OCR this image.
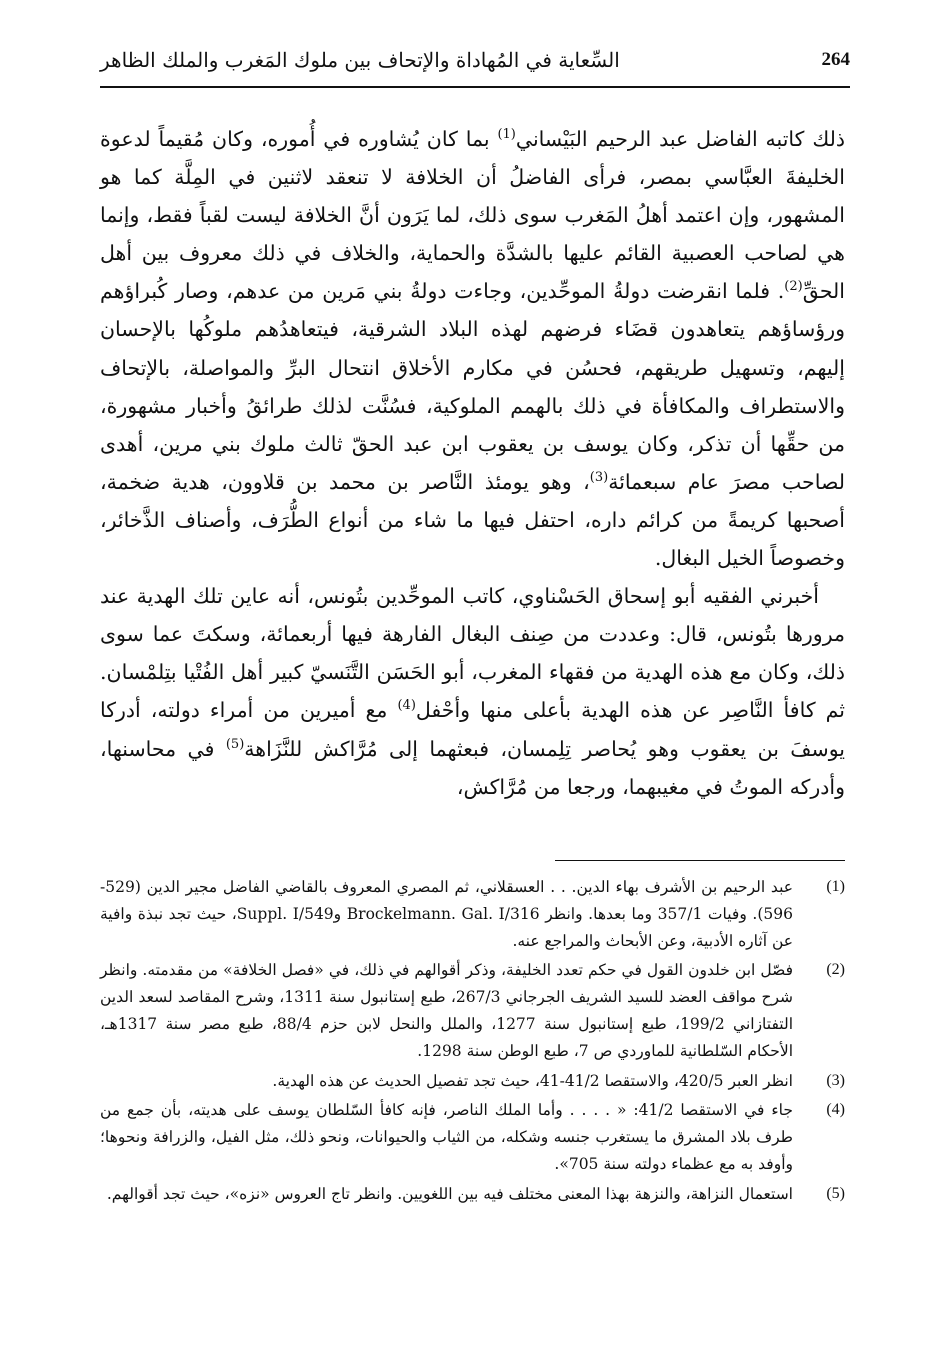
264
السِّعاية في المُهاداة والإتحاف بين ملوك المَغرب والملك الظاهر

ذلك كاتبه الفاضل عبد الرحيم البَيْساني$^{(1)}$ بما كان يُشاوره في أُموره، وكان مُقيماً لدعوة الخليفةَ العبَّاسي بمصر، فرأى الفاضلُ أن الخلافة لا تنعقد لاثنين في المِلَّة كما هو المشهور، وإن اعتمد أهلُ المَغرب سوى ذلك، لما يَرَون أنَّ الخلافة ليست لقباً فقط، وإنما هي لصاحب العصبية القائم عليها بالشدَّة والحماية، والخلاف في ذلك معروف بين أهل الحقِّ$^{(2)}$. فلما انقرضت دولةُ الموحِّدين، وجاءت دولةُ بني مَرين من عدهم، وصار كُبراؤهم ورؤساؤهم يتعاهدون قضَاء فرضهم لهذه البلاد الشرقية، فيتعاهدُهم ملوكُها بالإحسان إليهم، وتسهيل طريقهم، فحسُن في مكارم الأخلاق انتحال البرِّ والمواصلة، بالإتحاف والاستطراف والمكافأة في ذلك بالهمم الملوكية، فسُنَّت لذلك طرائقُ وأخبار مشهورة، من حقِّها أن تذكر، وكان يوسف بن يعقوب ابن عبد الحقّ ثالث ملوك بني مرين، أهدى لصاحب مصرَ عام سبعمائة$^{(3)}$، وهو يومئذ النَّاصر بن محمد بن قلاوون، هدية ضخمة، أصحبها كريمةً من كرائم داره، احتفل فيها ما شاء من أنواع الطُّرَف، وأصناف الذَّخائر، وخصوصاً الخيل البغال.

أخبرني الفقيه أبو إسحاق الحَسْناوي، كاتب الموحِّدين بتُونس، أنه عاين تلك الهدية عند مرورها بتُونس، قال: وعددت من صِنف البغال الفارهة فيها أربعمائة، وسكتَ عما سوى ذلك، وكان مع هذه الهدية من فقهاء المغرب، أبو الحَسَن التَّنَسيّ كبير أهل الفُتْيا بتِلمْسان. ثم كافأ النَّاصِر عن هذه الهدية بأعلى منها وأحْفل$^{(4)}$ مع أميرين من أمراء دولته، أدركا يوسفَ بن يعقوب وهو يُحاصر تِلِمسان، فبعثهما إلى مُرَّاكش للنَّزَاهة$^{(5)}$ في محاسنها، وأدركه الموتُ في مغيبهما، ورجعا من مُرَّاكش،

(1)
عبد الرحيم بن الأشرف بهاء الدين. . . العسقلاني، ثم المصري المعروف بالقاضي الفاضل مجير الدين (529-596). وفيات 357/1 وما بعدها. وانظر Brockelmann. Gal. I/316 وSuppl. I/549، حيث تجد نبذة وافية عن آثاره الأدبية، وعن الأبحاث والمراجع عنه.
(2)
فصّل ابن خلدون القول في حكم تعدد الخليفة، وذكر أقوالهم في ذلك، في «فصل الخلافة» من مقدمته. وانظر شرح مواقف العضد للسيد الشريف الجرجاني 267/3، طبع إستانبول سنة 1311، وشرح المقاصد لسعد الدين التفتازاني 199/2، طبع إستانبول سنة 1277، والملل والنحل لابن حزم 88/4، طبع مصر سنة 1317هـ، الأحكام السّلطانية للماوردي ص 7، طبع الوطن سنة 1298.
(3)
انظر العبر 420/5، والاستقصا 41/2-41، حيث تجد تفصيل الحديث عن هذه الهدية.
(4)
جاء في الاستقصا 41/2: « . . . . وأما الملك الناصر، فإنه كافأ السّلطان يوسف على هديته، بأن جمع من طرف بلاد المشرق ما يستغرب جنسه وشكله، من الثياب والحيوانات، ونحو ذلك، مثل الفيل، والزرافة ونحوها؛ وأوفد به مع عظماء دولته سنة 705».
(5)
استعمال النزاهة، والنزهة بهذا المعنى مختلف فيه بين اللغويين. وانظر تاج العروس «نزه»، حيث تجد أقوالهم.
